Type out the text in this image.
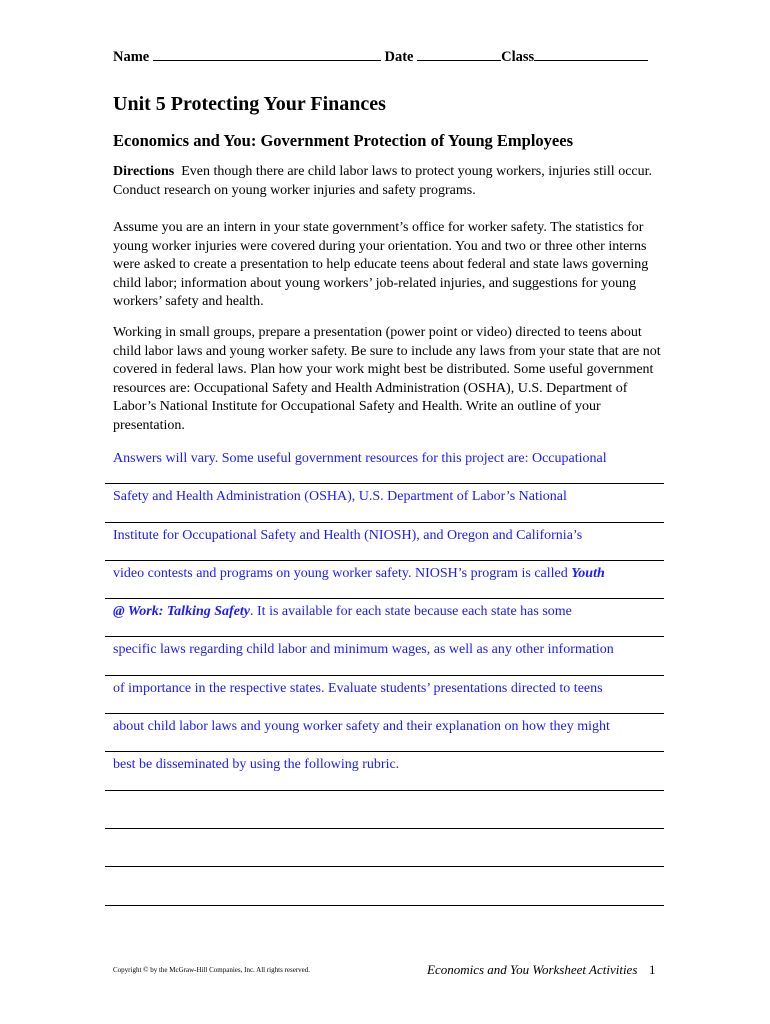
Name	Date	Class
Unit 5 Protecting Your Finances
Economics and You: Government Protection of Young Employees

Directions Even though there are child labor laws to protect young workers, injuries still occur. Conduct research on young worker injuries and safety programs.

Assume you are an intern in your state government’s office for worker safety. The statistics for young worker injuries were covered during your orientation. You and two or three other interns were asked to create a presentation to help educate teens about federal and state laws governing child labor; information about young workers’ job-related injuries, and suggestions for young workers’ safety and health.

Working in small groups, prepare a presentation (power point or video) directed to teens about child labor laws and young worker safety. Be sure to include any laws from your state that are not covered in federal laws. Plan how your work might best be distributed. Some useful government resources are: Occupational Safety and Health Administration (OSHA), U.S. Department of Labor’s National Institute for Occupational Safety and Health. Write an outline of your presentation.

Answers will vary. Some useful government resources for this project are: Occupational
Safety and Health Administration (OSHA), U.S. Department of Labor’s National
Institute for Occupational Safety and Health (NIOSH), and Oregon and California’s
video contests and programs on young worker safety. NIOSH’s program is called Youth
@ Work: Talking Safety. It is available for each state because each state has some
specific laws regarding child labor and minimum wages, as well as any other information
of importance in the respective states. Evaluate students’ presentations directed to teens
about child labor laws and young worker safety and their explanation on how they might
best be disseminated by using the following rubric.
Copyright © by the McGraw-Hill Companies, Inc. All rights reserved.	Economics and You Worksheet Activities 1
